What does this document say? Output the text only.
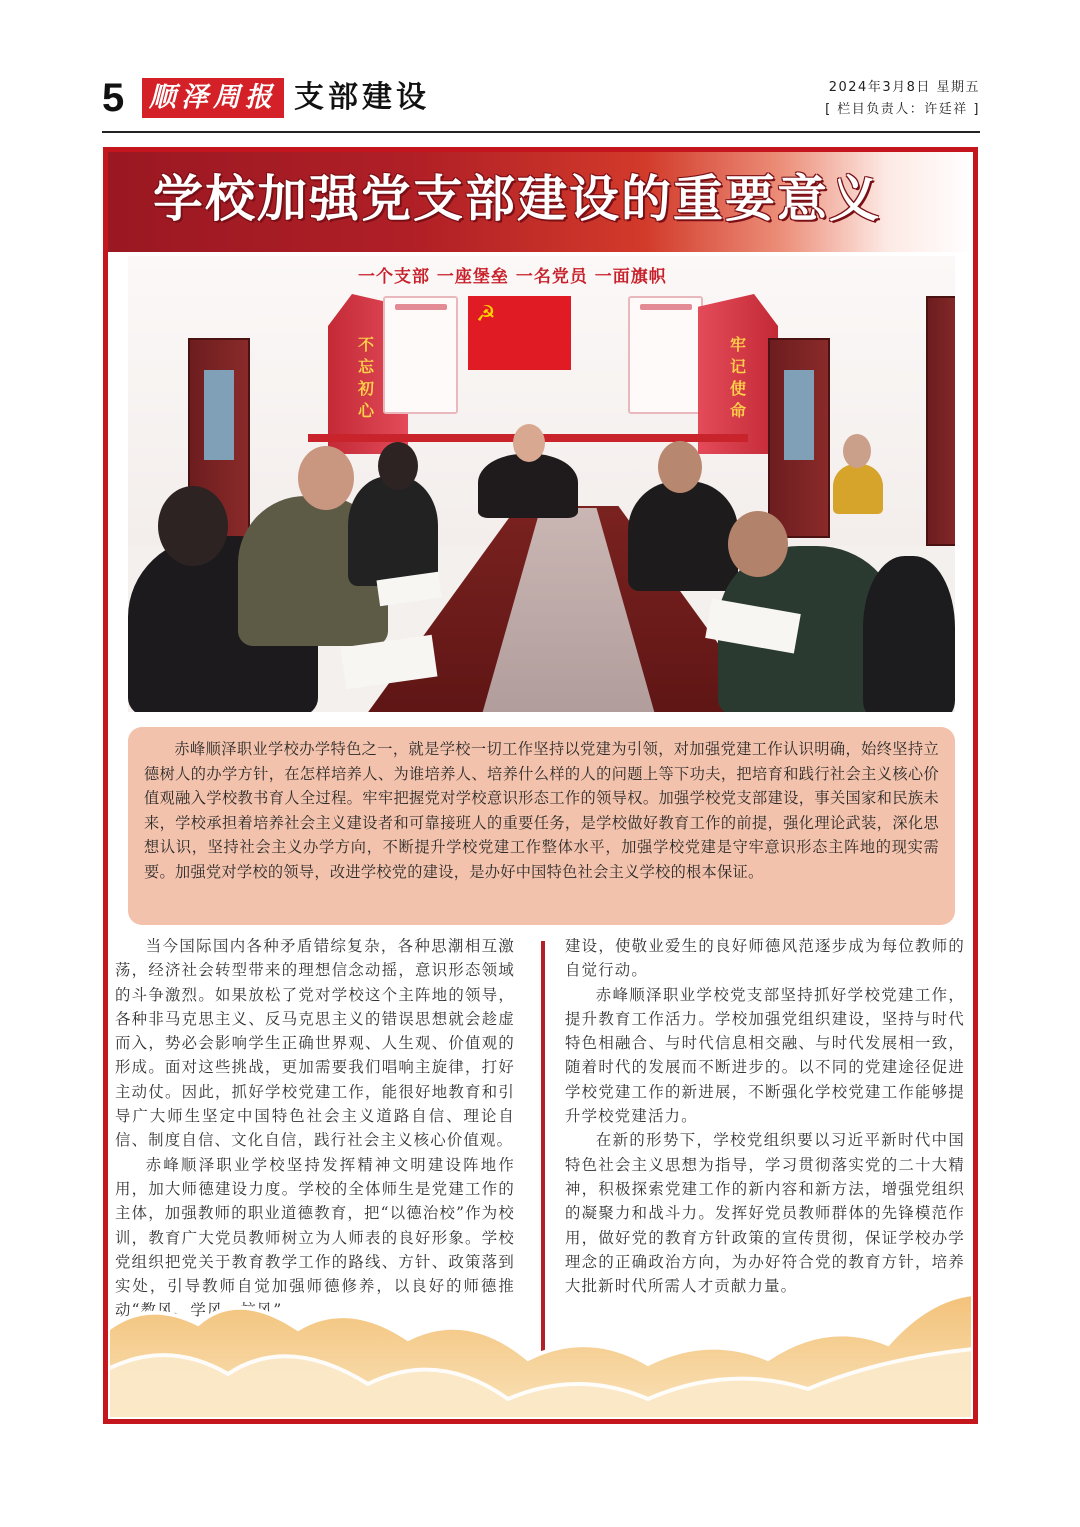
5 顺泽周报 支部建设	2024年3月8日 星期五
[ 栏目负责人：许廷祥 ]
学校加强党支部建设的重要意义
一个支部 一座堡垒 一名党员 一面旗帜
不
忘
初
心
☭
牢
记
使
命
赤峰顺泽职业学校办学特色之一，就是学校一切工作坚持以党建为引领，对加强党建工作认识明确，始终坚持立德树人的办学方针，在怎样培养人、为谁培养人、培养什么样的人的问题上等下功夫，把培育和践行社会主义核心价值观融入学校教书育人全过程。牢牢把握党对学校意识形态工作的领导权。加强学校党支部建设，事关国家和民族未来，学校承担着培养社会主义建设者和可靠接班人的重要任务，是学校做好教育工作的前提，强化理论武装，深化思想认识，坚持社会主义办学方向，不断提升学校党建工作整体水平，加强学校党建是守牢意识形态主阵地的现实需要。加强党对学校的领导，改进学校党的建设，是办好中国特色社会主义学校的根本保证。

当今国际国内各种矛盾错综复杂，各种思潮相互激荡，经济社会转型带来的理想信念动摇，意识形态领域的斗争激烈。如果放松了党对学校这个主阵地的领导，各种非马克思主义、反马克思主义的错误思想就会趁虚而入，势必会影响学生正确世界观、人生观、价值观的形成。面对这些挑战，更加需要我们唱响主旋律，打好主动仗。因此，抓好学校党建工作，能很好地教育和引导广大师生坚定中国特色社会主义道路自信、理论自信、制度自信、文化自信，践行社会主义核心价值观。

赤峰顺泽职业学校坚持发挥精神文明建设阵地作用，加大师德建设力度。学校的全体师生是党建工作的主体，加强教师的职业道德教育，把“以德治校”作为校训，教育广大党员教师树立为人师表的良好形象。学校党组织把党关于教育教学工作的路线、方针、政策落到实处，引导教师自觉加强师德修养，以良好的师德推动“教风、学风、校风”

建设，使敬业爱生的良好师德风范逐步成为每位教师的自觉行动。

赤峰顺泽职业学校党支部坚持抓好学校党建工作，提升教育工作活力。学校加强党组织建设，坚持与时代特色相融合、与时代信息相交融、与时代发展相一致，随着时代的发展而不断进步的。以不同的党建途径促进学校党建工作的新进展，不断强化学校党建工作能够提升学校党建活力。

在新的形势下，学校党组织要以习近平新时代中国特色社会主义思想为指导，学习贯彻落实党的二十大精神，积极探索党建工作的新内容和新方法，增强党组织的凝聚力和战斗力。发挥好党员教师群体的先锋模范作用，做好党的教育方针政策的宣传贯彻，保证学校办学理念的正确政治方向，为办好符合党的教育方针，培养大批新时代所需人才贡献力量。
